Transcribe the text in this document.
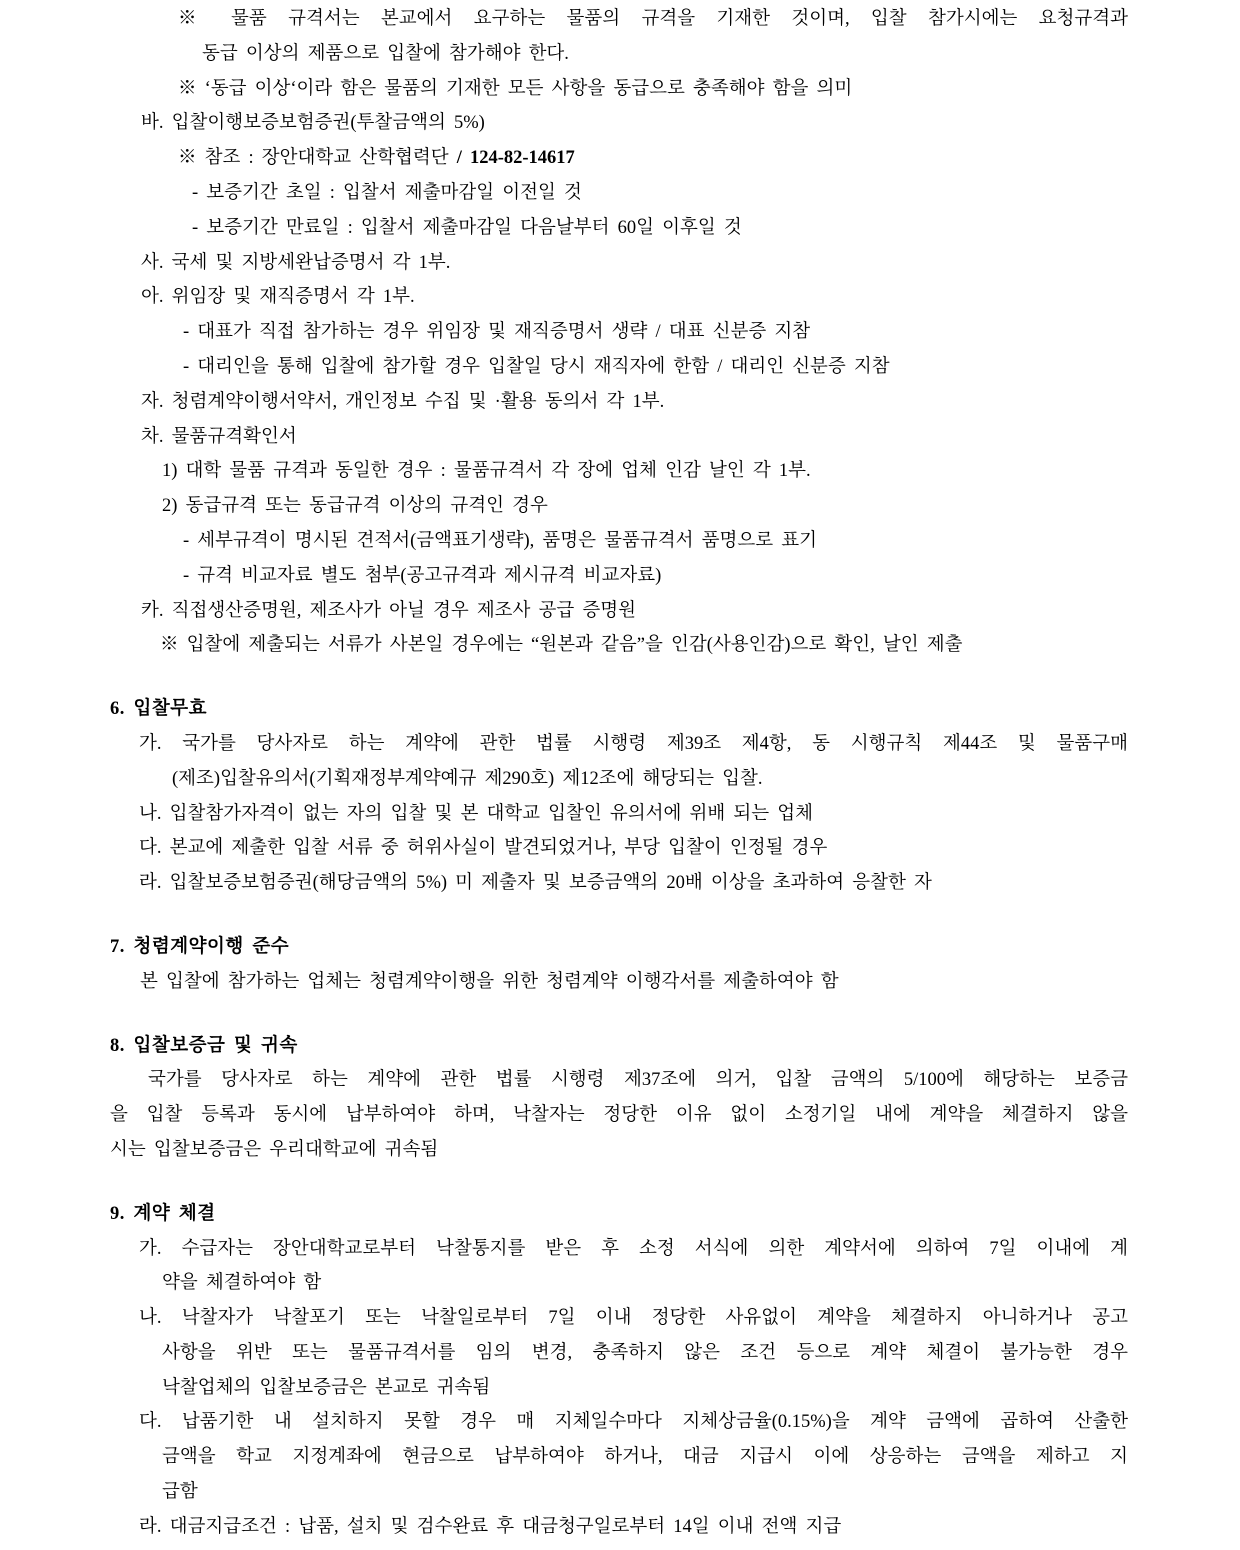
※ 물품 규격서는 본교에서 요구하는 물품의 규격을 기재한 것이며, 입찰 참가시에는 요청규격과
동급 이상의 제품으로 입찰에 참가해야 한다.
※ ‘동급 이상‘이라 함은 물품의 기재한 모든 사항을 동급으로 충족해야 함을 의미
바. 입찰이행보증보험증권(투찰금액의 5%)
※ 참조 : 장안대학교 산학협력단 / 124-82-14617
- 보증기간 초일 : 입찰서 제출마감일 이전일 것
- 보증기간 만료일 : 입찰서 제출마감일 다음날부터 60일 이후일 것
사. 국세 및 지방세완납증명서 각 1부.
아. 위임장 및 재직증명서 각 1부.
- 대표가 직접 참가하는 경우 위임장 및 재직증명서 생략 / 대표 신분증 지참
- 대리인을 통해 입찰에 참가할 경우 입찰일 당시 재직자에 한함 / 대리인 신분증 지참
자. 청렴계약이행서약서, 개인정보 수집 및 ·활용 동의서 각 1부.
차. 물품규격확인서
1) 대학 물품 규격과 동일한 경우 : 물품규격서 각 장에 업체 인감 날인 각 1부.
2) 동급규격 또는 동급규격 이상의 규격인 경우
- 세부규격이 명시된 견적서(금액표기생략), 품명은 물품규격서 품명으로 표기
- 규격 비교자료 별도 첨부(공고규격과 제시규격 비교자료)
카. 직접생산증명원, 제조사가 아닐 경우 제조사 공급 증명원
※ 입찰에 제출되는 서류가 사본일 경우에는 “원본과 같음”을 인감(사용인감)으로 확인, 날인 제출
6. 입찰무효
가. 국가를 당사자로 하는 계약에 관한 법률 시행령 제39조 제4항, 동 시행규칙 제44조 및 물품구매
(제조)입찰유의서(기획재정부계약예규 제290호) 제12조에 해당되는 입찰.
나. 입찰참가자격이 없는 자의 입찰 및 본 대학교 입찰인 유의서에 위배 되는 업체
다. 본교에 제출한 입찰 서류 중 허위사실이 발견되었거나, 부당 입찰이 인정될 경우
라. 입찰보증보험증권(해당금액의 5%) 미 제출자 및 보증금액의 20배 이상을 초과하여 응찰한 자
7. 청렴계약이행 준수
본 입찰에 참가하는 업체는 청렴계약이행을 위한 청렴계약 이행각서를 제출하여야 함
8. 입찰보증금 및 귀속
국가를 당사자로 하는 계약에 관한 법률 시행령 제37조에 의거, 입찰 금액의 5/100에 해당하는 보증금
을 입찰 등록과 동시에 납부하여야 하며, 낙찰자는 정당한 이유 없이 소정기일 내에 계약을 체결하지 않을
시는 입찰보증금은 우리대학교에 귀속됨
9. 계약 체결
가. 수급자는 장안대학교로부터 낙찰통지를 받은 후 소정 서식에 의한 계약서에 의하여 7일 이내에 계
약을 체결하여야 함
나. 낙찰자가 낙찰포기 또는 낙찰일로부터 7일 이내 정당한 사유없이 계약을 체결하지 아니하거나 공고
사항을 위반 또는 물품규격서를 임의 변경, 충족하지 않은 조건 등으로 계약 체결이 불가능한 경우
낙찰업체의 입찰보증금은 본교로 귀속됨
다. 납품기한 내 설치하지 못할 경우 매 지체일수마다 지체상금율(0.15%)을 계약 금액에 곱하여 산출한
금액을 학교 지정계좌에 현금으로 납부하여야 하거나, 대금 지급시 이에 상응하는 금액을 제하고 지
급함
라. 대금지급조건 : 납품, 설치 및 검수완료 후 대금청구일로부터 14일 이내 전액 지급
